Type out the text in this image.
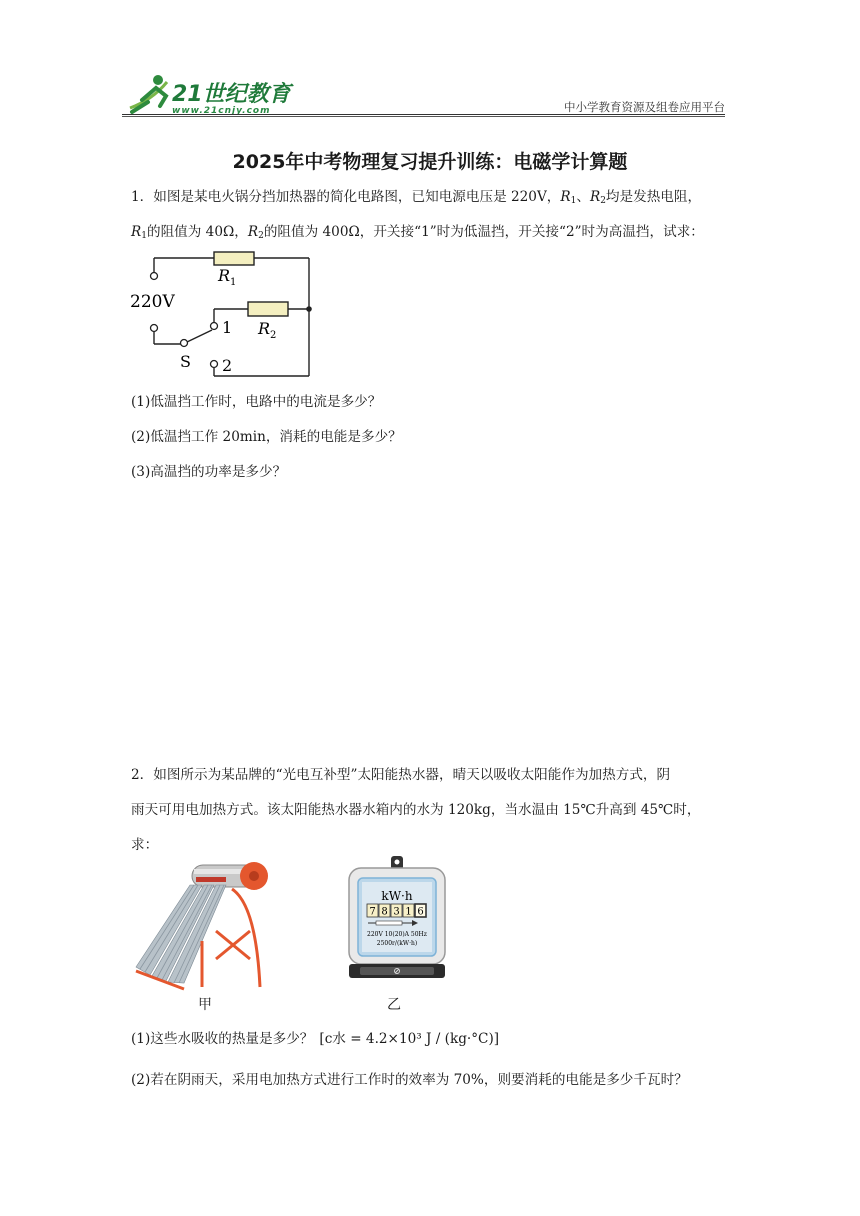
21世纪教育
www.21cnjy.com	中小学教育资源及组卷应用平台
2025年中考物理复习提升训练：电磁学计算题
1．如图是某电火锅分挡加热器的简化电路图，已知电源电压是 220V，$R_1$、$R_2$均是发热电阻，
$R_1$的阻值为 40Ω，$R_2$的阻值为 400Ω，开关接“1”时为低温挡，开关接“2”时为高温挡，试求：
$R_1$
$R_2$
220V
S
1
2
(1)低温挡工作时，电路中的电流是多少？
(2)低温挡工作 20min，消耗的电能是多少？
(3)高温挡的功率是多少？
2．如图所示为某品牌的“光电互补型”太阳能热水器，晴天以吸收太阳能作为加热方式，阴
雨天可用电加热方式。该太阳能热水器水箱内的水为 120kg，当水温由 15℃升高到 45℃时，
求：
甲
kW·h
7 8 3 1 6
220V 10(20)A 50Hz
2500r/(kW·h)
乙
(1)这些水吸收的热量是多少？ [c水 = 4.2×10³ J / (kg·°C)]
(2)若在阴雨天，采用电加热方式进行工作时的效率为 70%，则要消耗的电能是多少千瓦时？
